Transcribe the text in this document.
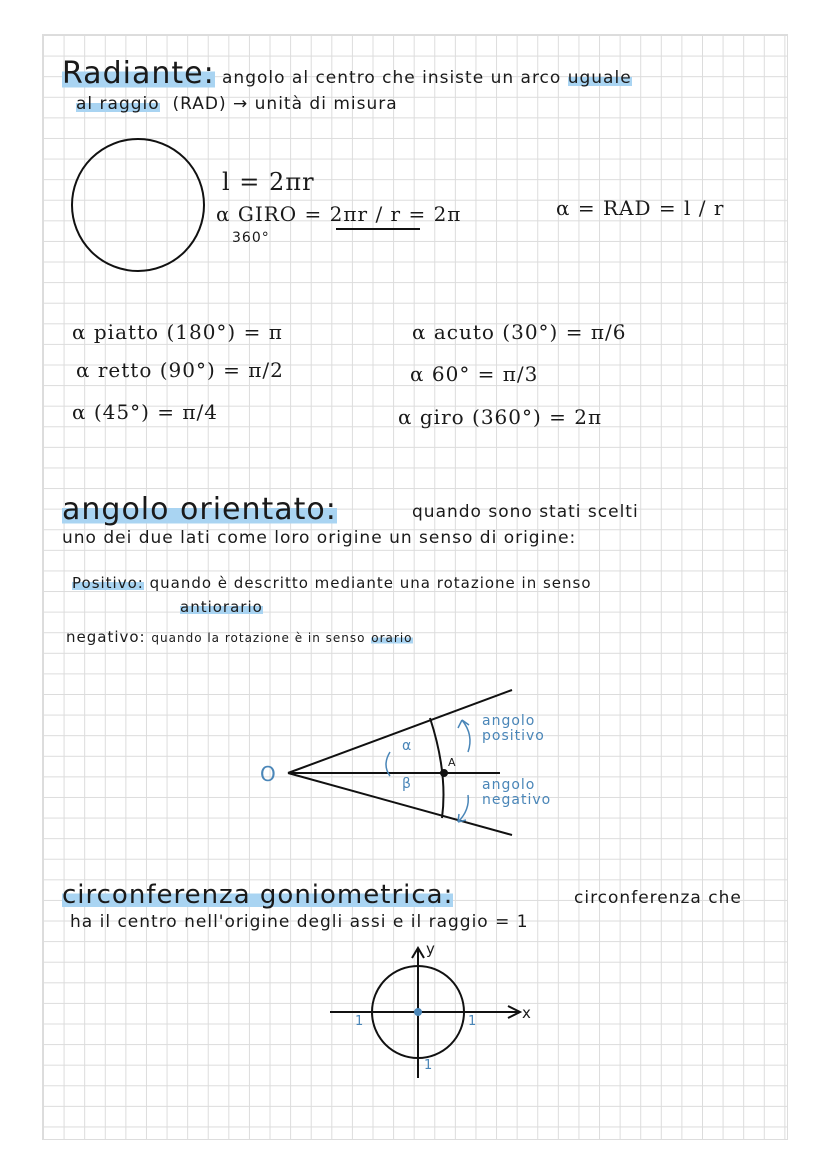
Radiante: angolo al centro che insiste un arco uguale
al raggio (RAD) → unità di misura
l = 2πr
α GIRO = 2πr / r = 2π
360°
α = RAD = l / r
α piatto (180°) = π
α retto (90°) = π/2
α (45°) = π/4
α acuto (30°) = π/6
α 60° = π/3
α giro (360°) = 2π
angolo orientato:	quando sono stati scelti
uno dei due lati come loro origine un senso di origine:
Positivo: quando è descritto mediante una rotazione in senso
antiorario
negativo: quando la rotazione è in senso orario
O	A
α
β
angolo
positivo
angolo
negativo
circonferenza goniometrica:	circonferenza che
ha il centro nell'origine degli assi e il raggio = 1
y
x
1	1
1
